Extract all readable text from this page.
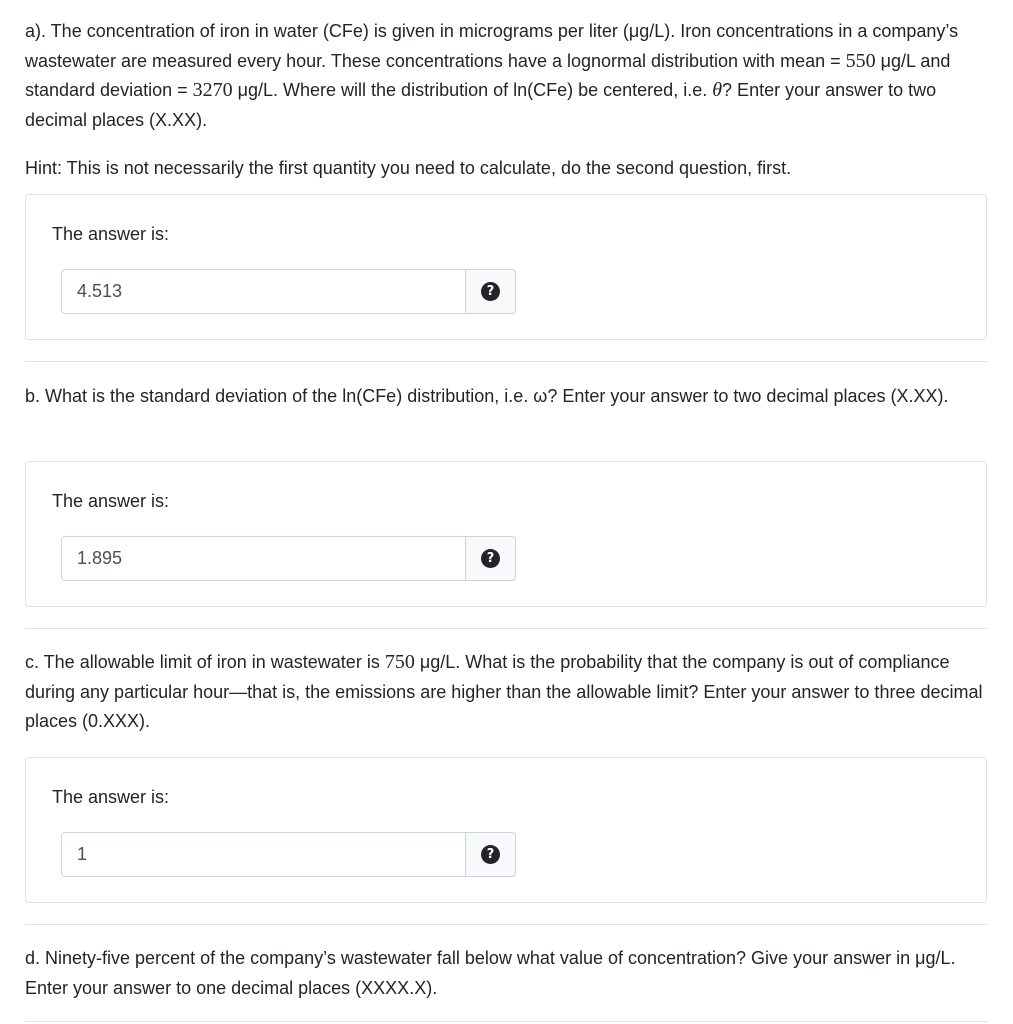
a). The concentration of iron in water (CFe) is given in micrograms per liter (μg/L). Iron concentrations in a company’s wastewater are measured every hour. These concentrations have a lognormal distribution with mean = 550 μg/L and standard deviation = 3270 μg/L. Where will the distribution of ln(CFe) be centered, i.e. θ? Enter your answer to two decimal places (X.XX).

Hint: This is not necessarily the first quantity you need to calculate, do the second question, first.

The answer is:
4.513
?

b. What is the standard deviation of the ln(CFe) distribution, i.e. ω? Enter your answer to two decimal places (X.XX).

The answer is:
1.895
?

c. The allowable limit of iron in wastewater is 750 μg/L. What is the probability that the company is out of compliance during any particular hour—that is, the emissions are higher than the allowable limit? Enter your answer to three decimal places (0.XXX).

The answer is:
1
?

d. Ninety-five percent of the company’s wastewater fall below what value of concentration? Give your answer in μg/L. Enter your answer to one decimal places (XXXX.X).
